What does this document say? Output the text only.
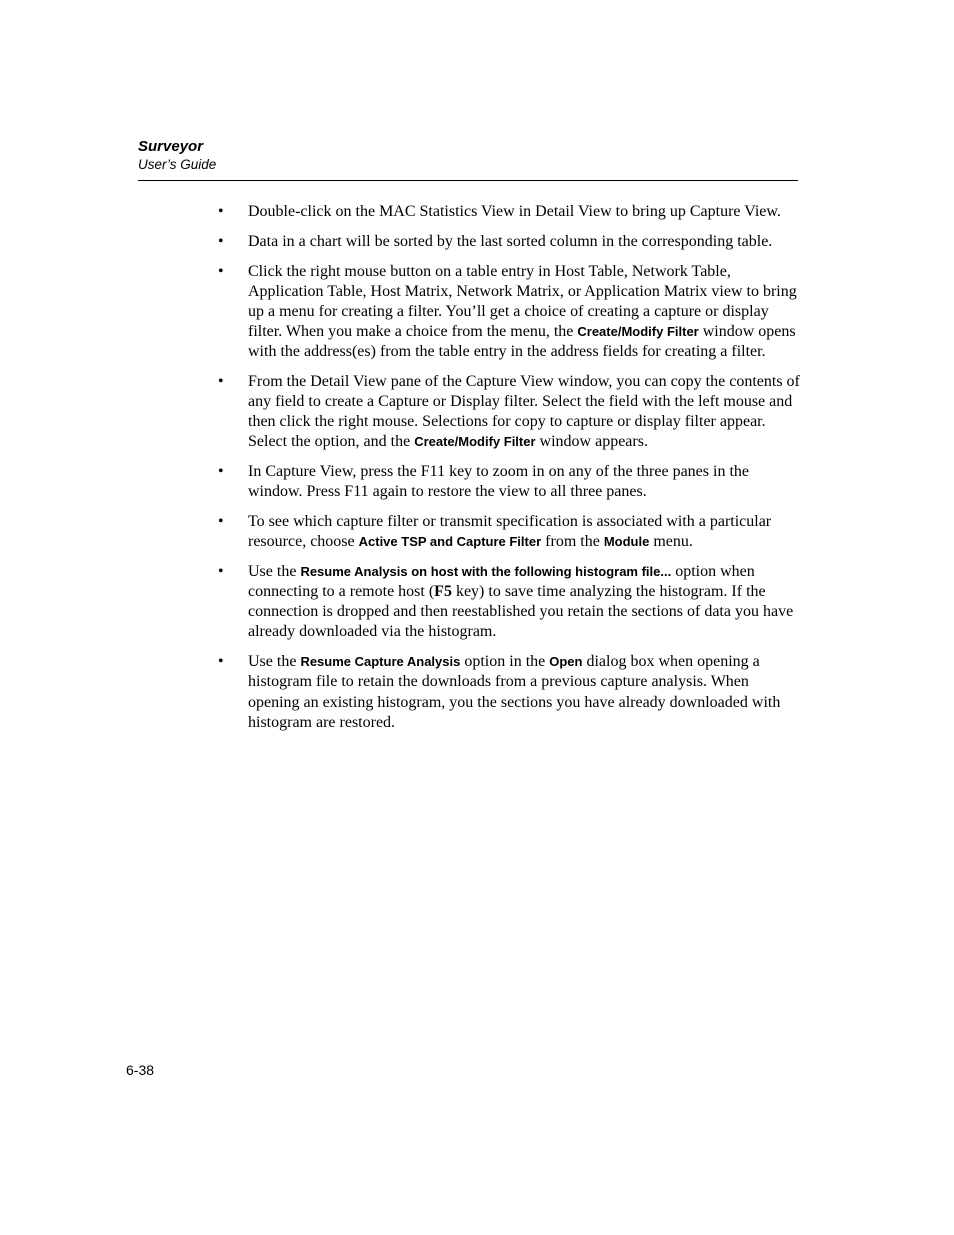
Surveyor
User’s Guide
• Double-click on the MAC Statistics View in Detail View to bring up Capture View.
• Data in a chart will be sorted by the last sorted column in the corresponding table.
• Click the right mouse button on a table entry in Host Table, Network Table, Application Table, Host Matrix, Network Matrix, or Application Matrix view to bring up a menu for creating a filter. You’ll get a choice of creating a capture or display filter. When you make a choice from the menu, the Create/Modify Filter window opens with the address(es) from the table entry in the address fields for creating a filter.
• From the Detail View pane of the Capture View window, you can copy the contents of any field to create a Capture or Display filter. Select the field with the left mouse and then click the right mouse. Selections for copy to capture or display filter appear. Select the option, and the Create/Modify Filter window appears.
• In Capture View, press the F11 key to zoom in on any of the three panes in the window. Press F11 again to restore the view to all three panes.
• To see which capture filter or transmit specification is associated with a particular resource, choose Active TSP and Capture Filter from the Module menu.
• Use the Resume Analysis on host with the following histogram file... option when connecting to a remote host (F5 key) to save time analyzing the histogram. If the connection is dropped and then reestablished you retain the sections of data you have already downloaded via the histogram.
• Use the Resume Capture Analysis option in the Open dialog box when opening a histogram file to retain the downloads from a previous capture analysis. When opening an existing histogram, you the sections you have already downloaded with histogram are restored.
6-38
